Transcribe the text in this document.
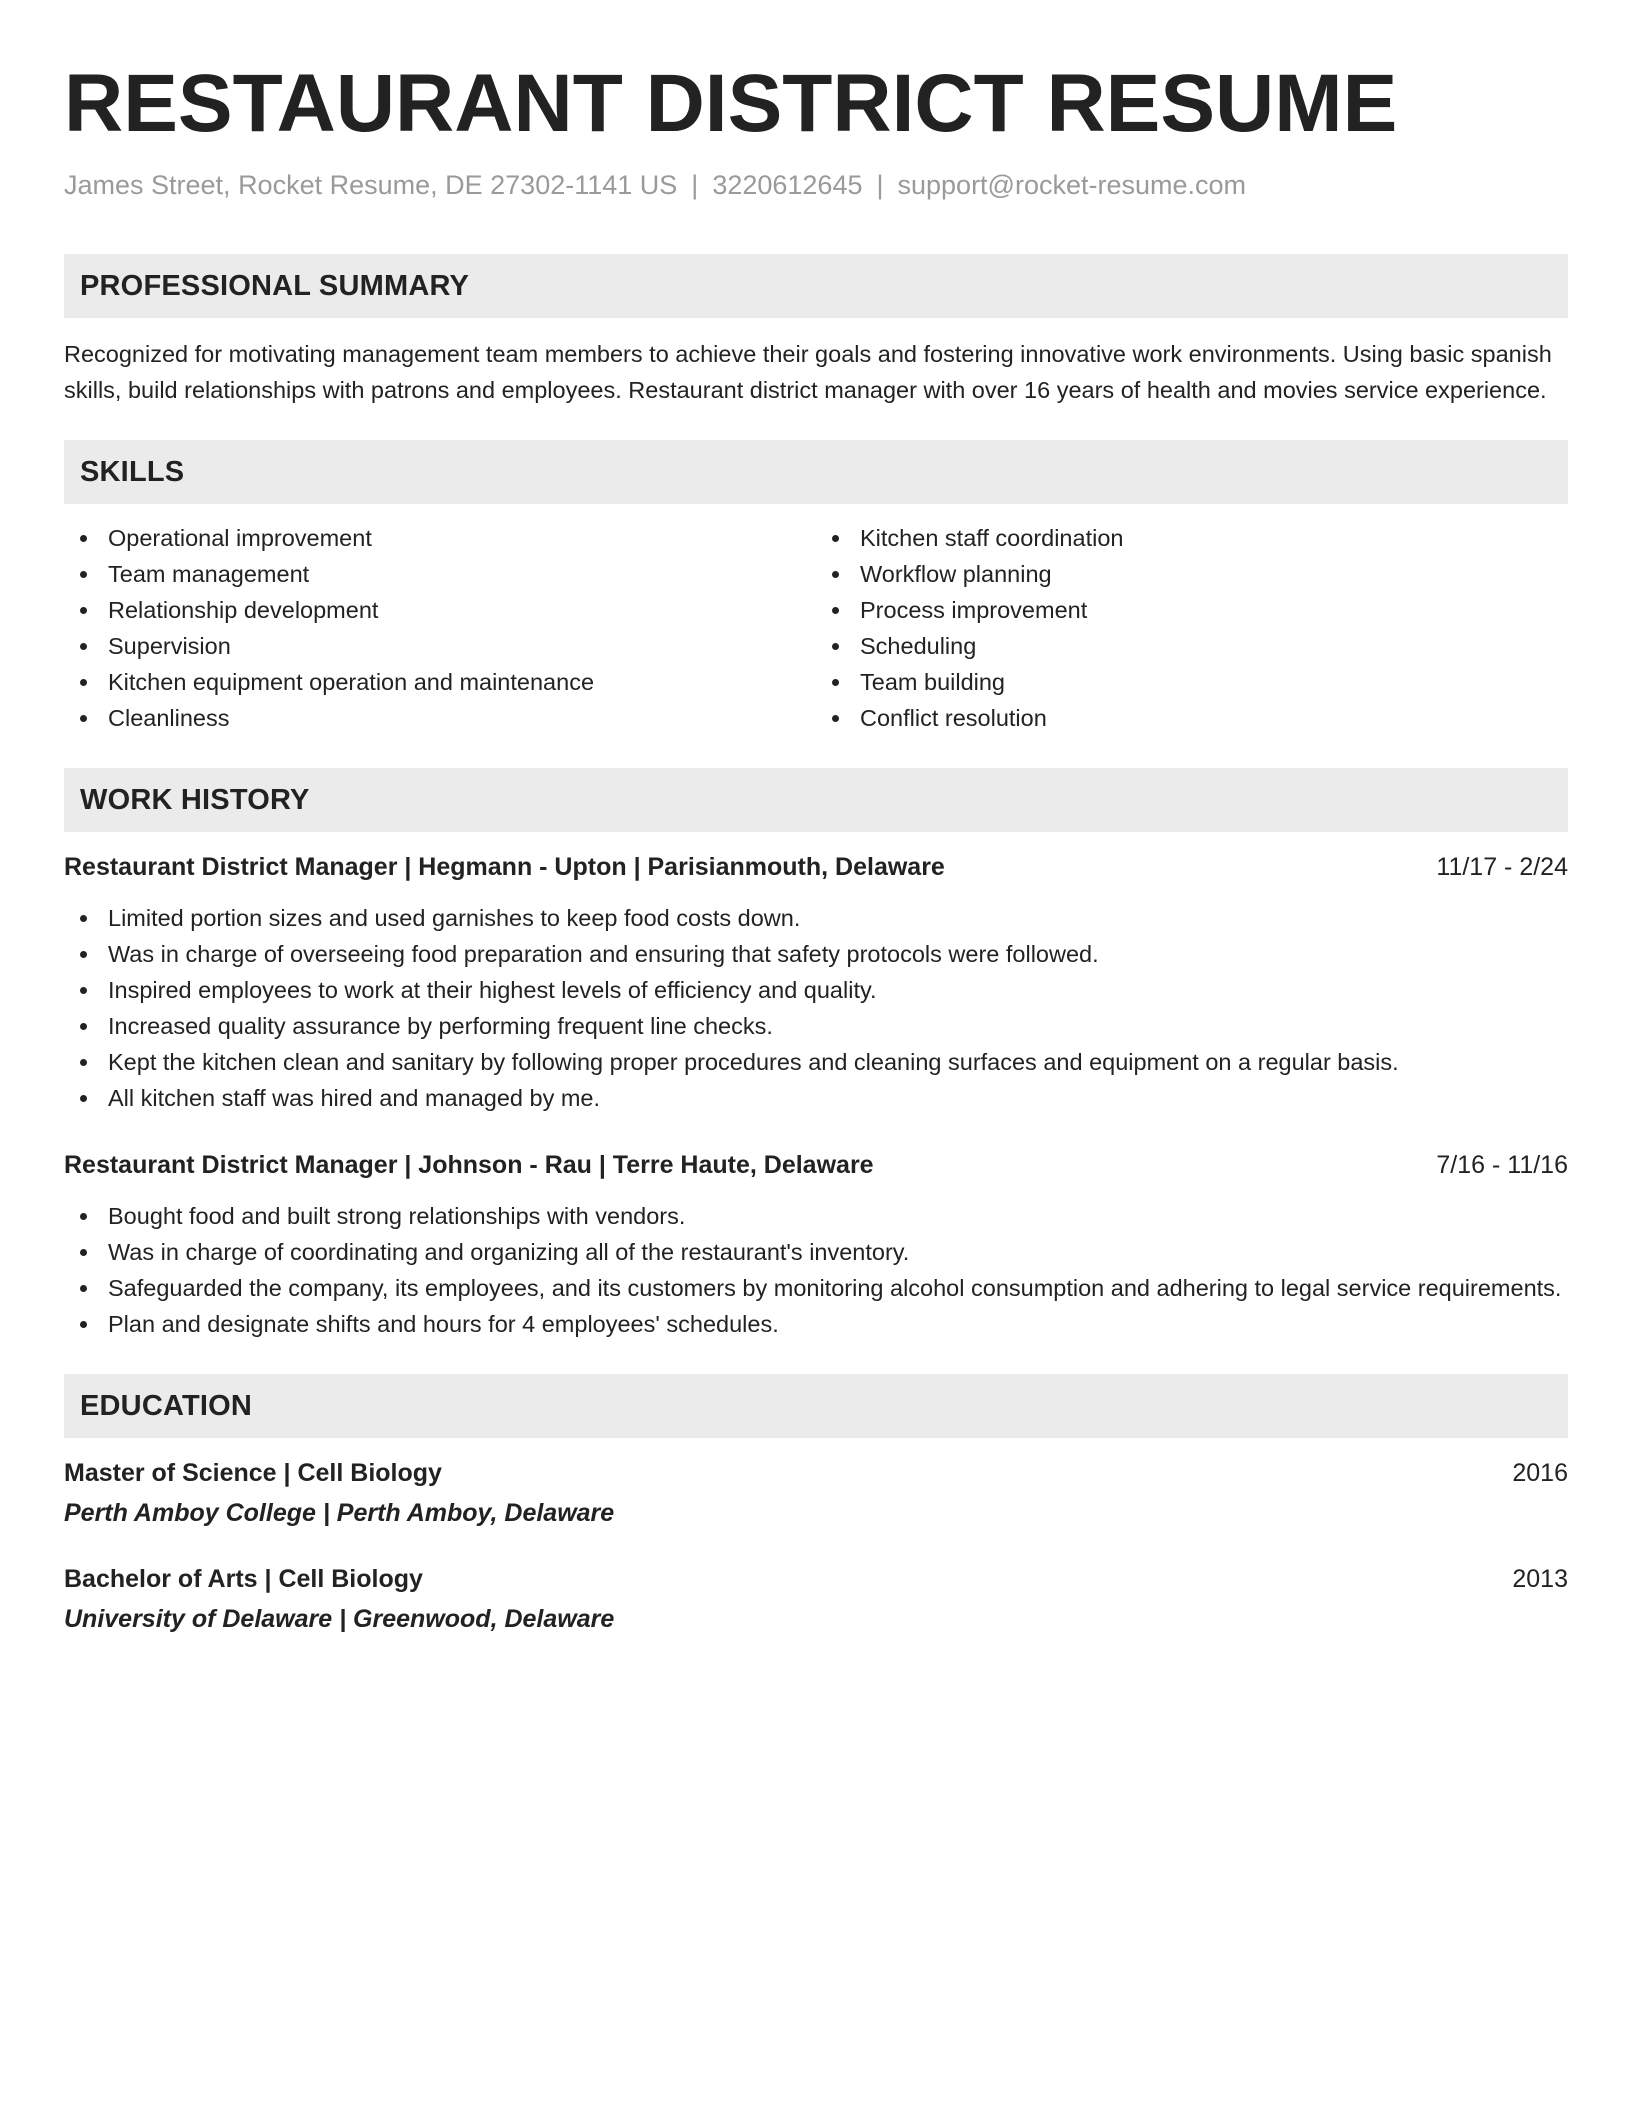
RESTAURANT DISTRICT RESUME
James Street, Rocket Resume, DE 27302-1141 US | 3220612645 | support@rocket-resume.com
PROFESSIONAL SUMMARY
Recognized for motivating management team members to achieve their goals and fostering innovative work environments. Using basic spanish skills, build relationships with patrons and employees. Restaurant district manager with over 16 years of health and movies service experience.
SKILLS
Operational improvement
Team management
Relationship development
Supervision
Kitchen equipment operation and maintenance
Cleanliness
Kitchen staff coordination
Workflow planning
Process improvement
Scheduling
Team building
Conflict resolution
WORK HISTORY
Restaurant District Manager | Hegmann - Upton | Parisianmouth, Delaware	11/17 - 2/24
Limited portion sizes and used garnishes to keep food costs down.
Was in charge of overseeing food preparation and ensuring that safety protocols were followed.
Inspired employees to work at their highest levels of efficiency and quality.
Increased quality assurance by performing frequent line checks.
Kept the kitchen clean and sanitary by following proper procedures and cleaning surfaces and equipment on a regular basis.
All kitchen staff was hired and managed by me.
Restaurant District Manager | Johnson - Rau | Terre Haute, Delaware	7/16 - 11/16
Bought food and built strong relationships with vendors.
Was in charge of coordinating and organizing all of the restaurant's inventory.
Safeguarded the company, its employees, and its customers by monitoring alcohol consumption and adhering to legal service requirements.
Plan and designate shifts and hours for 4 employees' schedules.
EDUCATION
Master of Science | Cell Biology	2016
Perth Amboy College | Perth Amboy, Delaware
Bachelor of Arts | Cell Biology	2013
University of Delaware | Greenwood, Delaware
